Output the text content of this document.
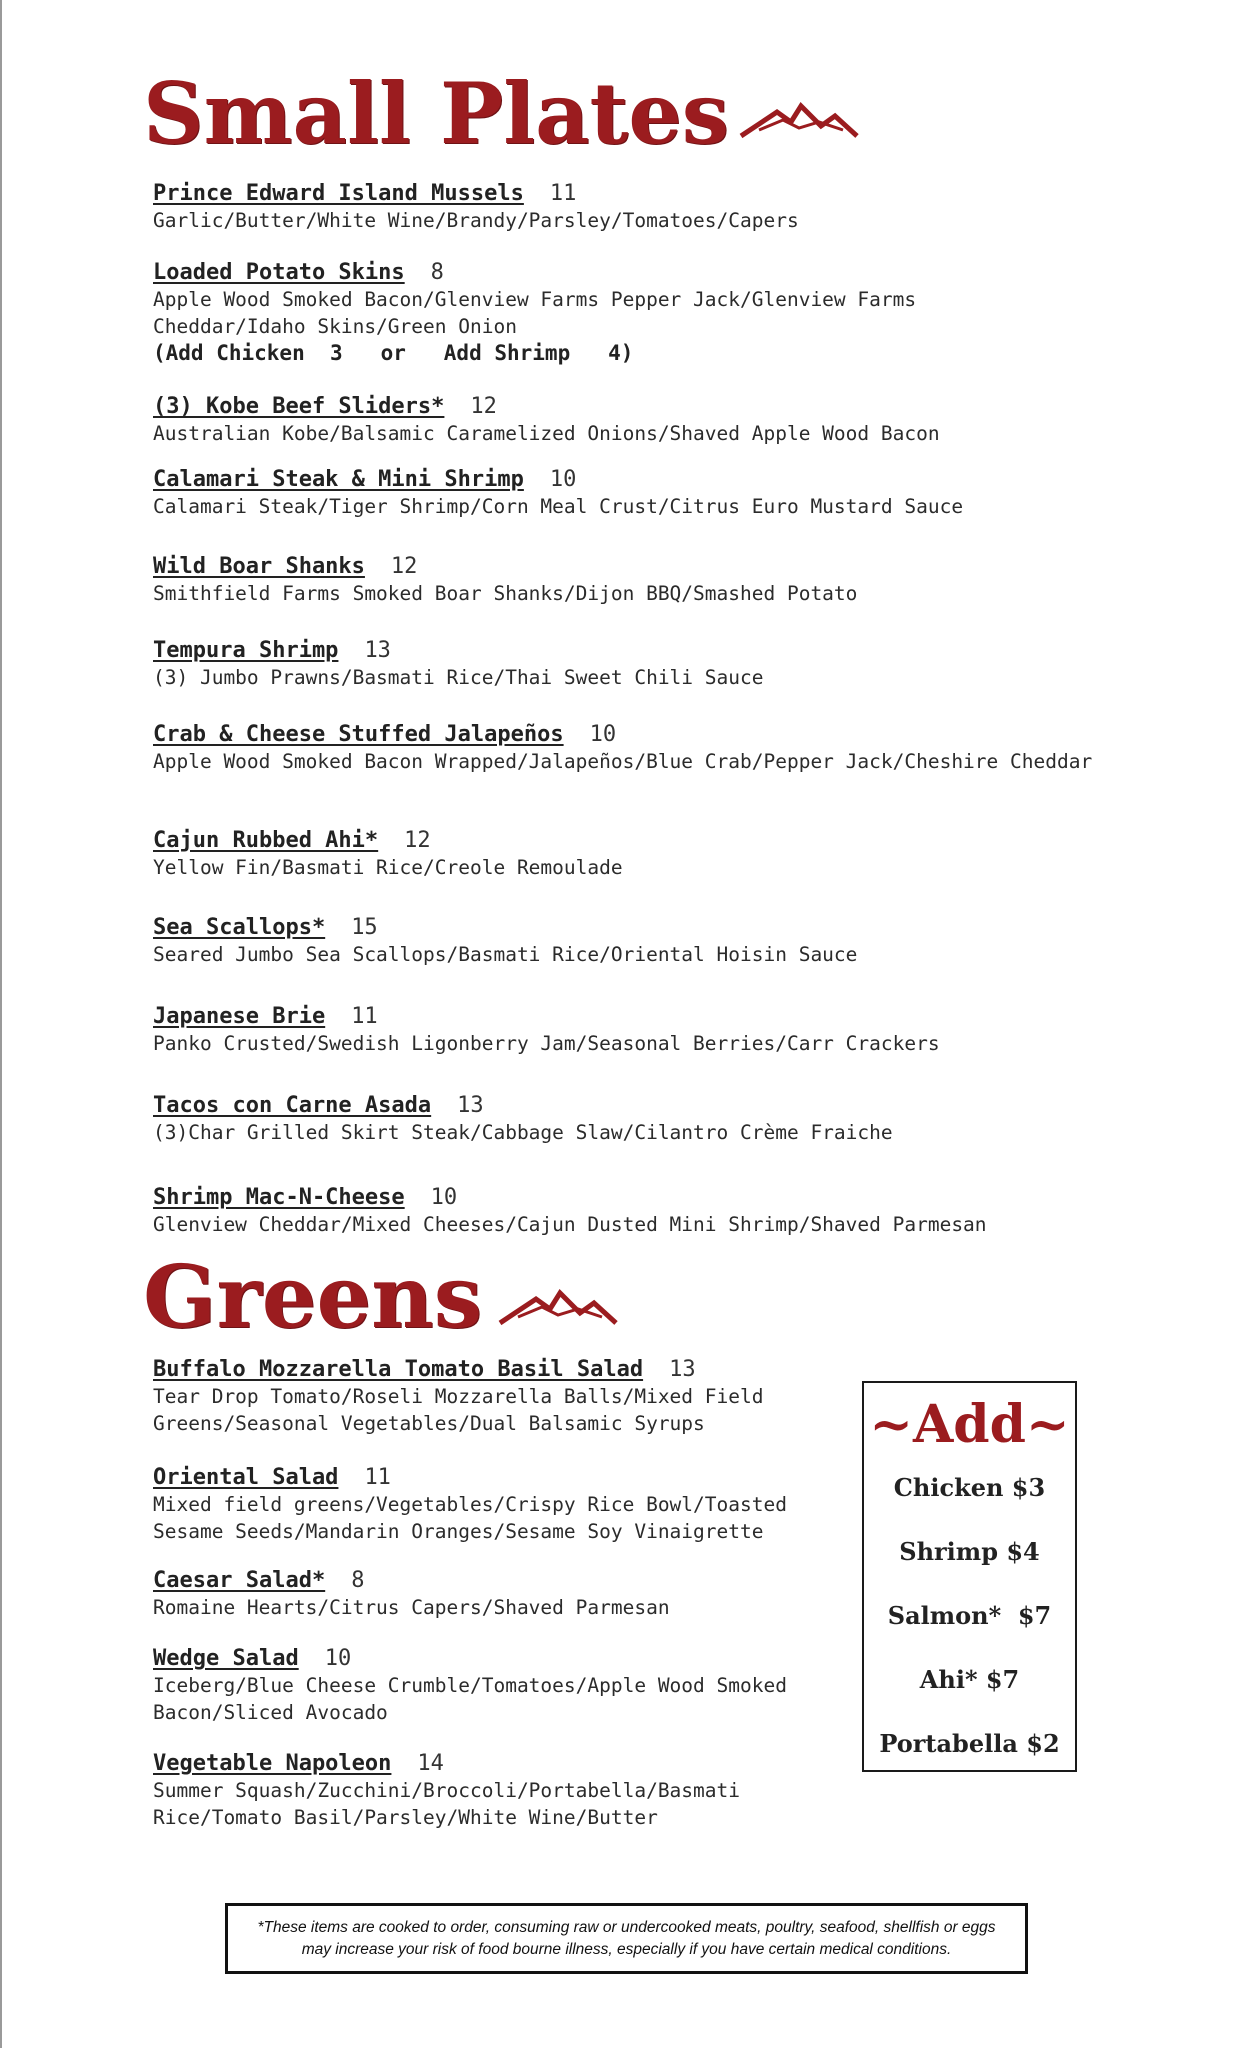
Small Plates
Prince Edward Island Mussels 11
Garlic/Butter/White Wine/Brandy/Parsley/Tomatoes/Capers
Loaded Potato Skins 8
Apple Wood Smoked Bacon/Glenview Farms Pepper Jack/Glenview Farms Cheddar/Idaho Skins/Green Onion
(Add Chicken  3   or   Add Shrimp   4)
(3) Kobe Beef Sliders* 12
Australian Kobe/Balsamic Caramelized Onions/Shaved Apple Wood Bacon
Calamari Steak & Mini Shrimp 10
Calamari Steak/Tiger Shrimp/Corn Meal Crust/Citrus Euro Mustard Sauce
Wild Boar Shanks 12
Smithfield Farms Smoked Boar Shanks/Dijon BBQ/Smashed Potato
Tempura Shrimp 13
(3) Jumbo Prawns/Basmati Rice/Thai Sweet Chili Sauce
Crab & Cheese Stuffed Jalapeños 10
Apple Wood Smoked Bacon Wrapped/Jalapeños/Blue Crab/Pepper Jack/Cheshire Cheddar
Cajun Rubbed Ahi* 12
Yellow Fin/Basmati Rice/Creole Remoulade
Sea Scallops* 15
Seared Jumbo Sea Scallops/Basmati Rice/Oriental Hoisin Sauce
Japanese Brie 11
Panko Crusted/Swedish Ligonberry Jam/Seasonal Berries/Carr Crackers
Tacos con Carne Asada 13
(3)Char Grilled Skirt Steak/Cabbage Slaw/Cilantro Crème Fraiche
Shrimp Mac-N-Cheese 10
Glenview Cheddar/Mixed Cheeses/Cajun Dusted Mini Shrimp/Shaved Parmesan
Greens
Buffalo Mozzarella Tomato Basil Salad 13
Tear Drop Tomato/Roseli Mozzarella Balls/Mixed Field Greens/Seasonal Vegetables/Dual Balsamic Syrups
Oriental Salad 11
Mixed field greens/Vegetables/Crispy Rice Bowl/Toasted Sesame Seeds/Mandarin Oranges/Sesame Soy Vinaigrette
Caesar Salad* 8
Romaine Hearts/Citrus Capers/Shaved Parmesan
Wedge Salad 10
Iceberg/Blue Cheese Crumble/Tomatoes/Apple Wood Smoked Bacon/Sliced Avocado
Vegetable Napoleon 14
Summer Squash/Zucchini/Broccoli/Portabella/Basmati Rice/Tomato Basil/Parsley/White Wine/Butter
~Add~
Chicken $3
Shrimp $4
Salmon*  $7
Ahi* $7
Portabella $2
*These items are cooked to order, consuming raw or undercooked meats, poultry, seafood, shellfish or eggs may increase your risk of food bourne illness, especially if you have certain medical conditions.
